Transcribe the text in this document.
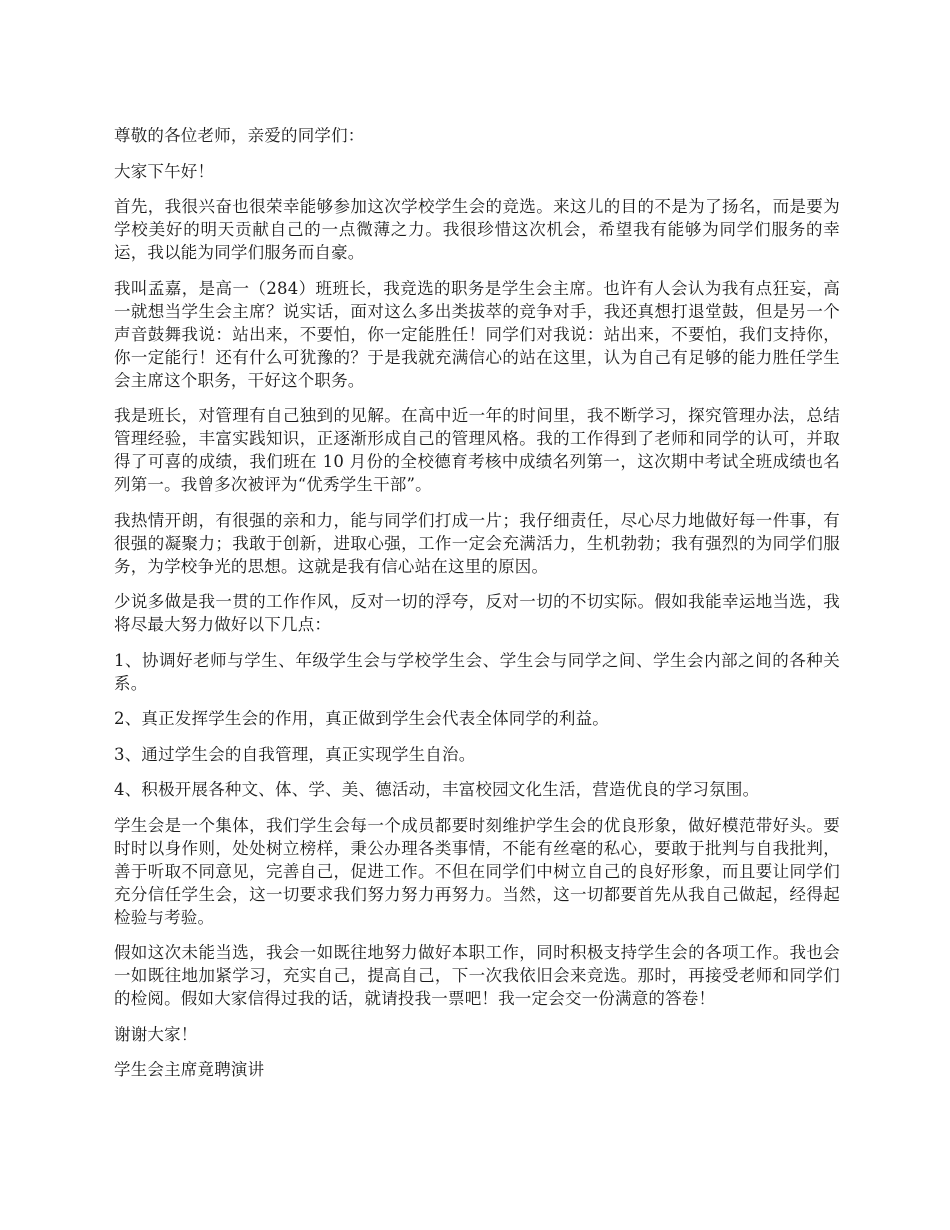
尊敬的各位老师，亲爱的同学们：

大家下午好！

首先，我很兴奋也很荣幸能够参加这次学校学生会的竞选。来这儿的目的不是为了扬名，而是要为学校美好的明天贡献自己的一点微薄之力。我很珍惜这次机会，希望我有能够为同学们服务的幸运，我以能为同学们服务而自豪。

我叫孟嘉，是高一（284）班班长，我竞选的职务是学生会主席。也许有人会认为我有点狂妄，高一就想当学生会主席？说实话，面对这么多出类拔萃的竞争对手，我还真想打退堂鼓，但是另一个声音鼓舞我说：站出来，不要怕，你一定能胜任！同学们对我说：站出来，不要怕，我们支持你，你一定能行！还有什么可犹豫的？于是我就充满信心的站在这里，认为自己有足够的能力胜任学生会主席这个职务，干好这个职务。

我是班长，对管理有自己独到的见解。在高中近一年的时间里，我不断学习，探究管理办法，总结管理经验，丰富实践知识，正逐渐形成自己的管理风格。我的工作得到了老师和同学的认可，并取得了可喜的成绩，我们班在 10 月份的全校德育考核中成绩名列第一，这次期中考试全班成绩也名列第一。我曾多次被评为“优秀学生干部”。

我热情开朗，有很强的亲和力，能与同学们打成一片；我仔细责任，尽心尽力地做好每一件事，有很强的凝聚力；我敢于创新，进取心强，工作一定会充满活力，生机勃勃；我有强烈的为同学们服务，为学校争光的思想。这就是我有信心站在这里的原因。

少说多做是我一贯的工作作风，反对一切的浮夸，反对一切的不切实际。假如我能幸运地当选，我将尽最大努力做好以下几点：

1、协调好老师与学生、年级学生会与学校学生会、学生会与同学之间、学生会内部之间的各种关系。

2、真正发挥学生会的作用，真正做到学生会代表全体同学的利益。

3、通过学生会的自我管理，真正实现学生自治。

4、积极开展各种文、体、学、美、德活动，丰富校园文化生活，营造优良的学习氛围。

学生会是一个集体，我们学生会每一个成员都要时刻维护学生会的优良形象，做好模范带好头。要时时以身作则，处处树立榜样，秉公办理各类事情，不能有丝毫的私心，要敢于批判与自我批判，善于听取不同意见，完善自己，促进工作。不但在同学们中树立自己的良好形象，而且要让同学们充分信任学生会，这一切要求我们努力努力再努力。当然，这一切都要首先从我自己做起，经得起检验与考验。

假如这次未能当选，我会一如既往地努力做好本职工作，同时积极支持学生会的各项工作。我也会一如既往地加紧学习，充实自己，提高自己，下一次我依旧会来竞选。那时，再接受老师和同学们的检阅。假如大家信得过我的话，就请投我一票吧！我一定会交一份满意的答卷！

谢谢大家！

学生会主席竟聘演讲
